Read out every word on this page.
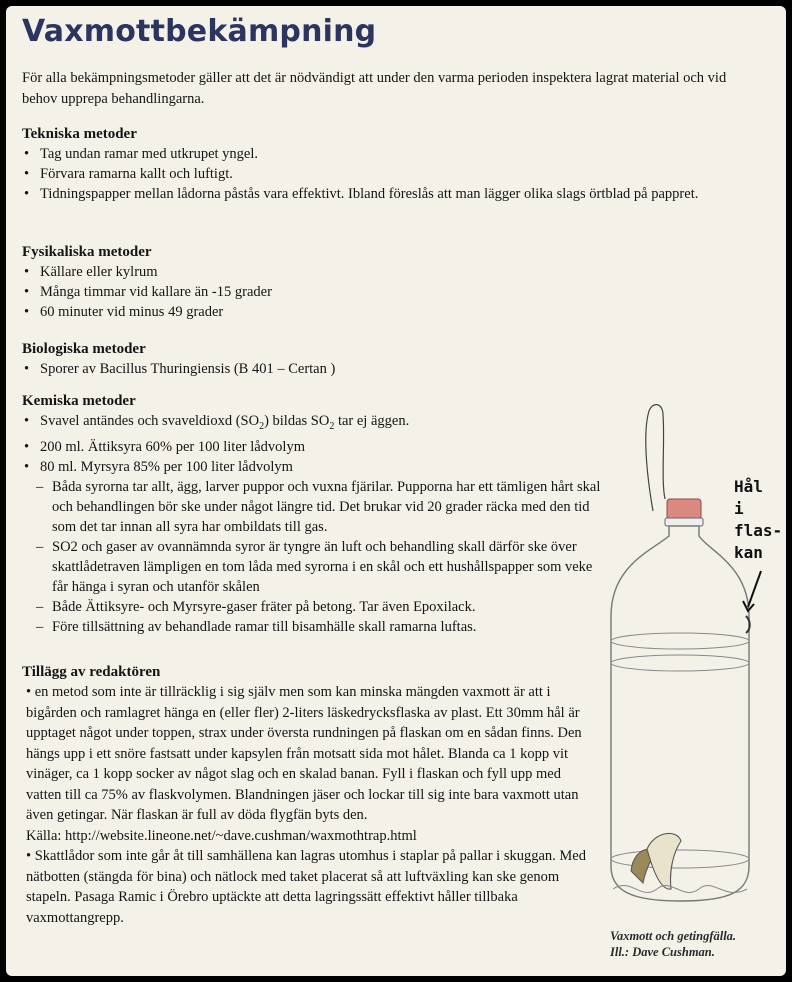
Vaxmottbekämpning

För alla bekämpningsmetoder gäller att det är nödvändigt att under den varma perioden inspektera lagrat material och vid behov upprepa behandlingarna.

Tekniska metoder

• Tag undan ramar med utkrupet yngel.

• Förvara ramarna kallt och luftigt.

• Tidningspapper mellan lådorna påstås vara effektivt. Ibland föreslås att man lägger olika slags örtblad på pappret.

Fysikaliska metoder

• Källare eller kylrum

• Många timmar vid kallare än -15 grader

• 60 minuter vid minus 49 grader

Biologiska metoder

• Sporer av Bacillus Thuringiensis (B 401 – Certan )

Kemiska metoder

• Svavel antändes och svaveldioxd $(SO_2)$ bildas $SO_2$ tar ej äggen.

• 200 ml. Ättiksyra 60% per 100 liter lådvolym

• 80 ml. Myrsyra 85% per 100 liter lådvolym

– Båda syrorna tar allt, ägg, larver puppor och vuxna fjärilar. Pupporna har ett tämligen hårt skal och behandlingen bör ske under något längre tid. Det brukar vid 20 grader räcka med den tid som det tar innan all syra har ombildats till gas.

– SO2 och gaser av ovannämnda syror är tyngre än luft och behandling skall därför ske över skattlådetraven lämpligen en tom låda med syrorna i en skål och ett hushållspapper som veke får hänga i syran och utanför skålen

– Både Ättiksyre- och Myrsyre-gaser fräter på betong. Tar även Epoxilack.

– Före tillsättning av behandlade ramar till bisamhälle skall ramarna luftas.

Tillägg av redaktören

• en metod som inte är tillräcklig i sig själv men som kan minska mängden vaxmott är att i bigården och ramlagret hänga en (eller fler) 2-liters läskedrycksflaska av plast. Ett 30mm hål är upptaget något under toppen, strax under översta rundningen på flaskan om en sådan finns. Den hängs upp i ett snöre fastsatt under kapsylen från motsatt sida mot hålet. Blanda ca 1 kopp vit vinäger, ca 1 kopp socker av något slag och en skalad banan. Fyll i flaskan och fyll upp med vatten till ca 75% av flaskvolymen. Blandningen jäser och lockar till sig inte bara vaxmott utan även getingar. När flaskan är full av döda flygfän byts den.

Källa: http://website.lineone.net/~dave.cushman/waxmothtrap.html

• Skattlådor som inte går åt till samhällena kan lagras utomhus i staplar på pallar i skuggan. Med nätbotten (stängda för bina) och nätlock med taket placerat så att luftväxling kan ske genom stapeln. Pasaga Ramic i Örebro uptäckte att detta lagringssätt effektivt håller tillbaka vaxmottangrepp.

Hål
i
flas-
kan
Vaxmott och getingfälla.
Ill.: Dave Cushman.
